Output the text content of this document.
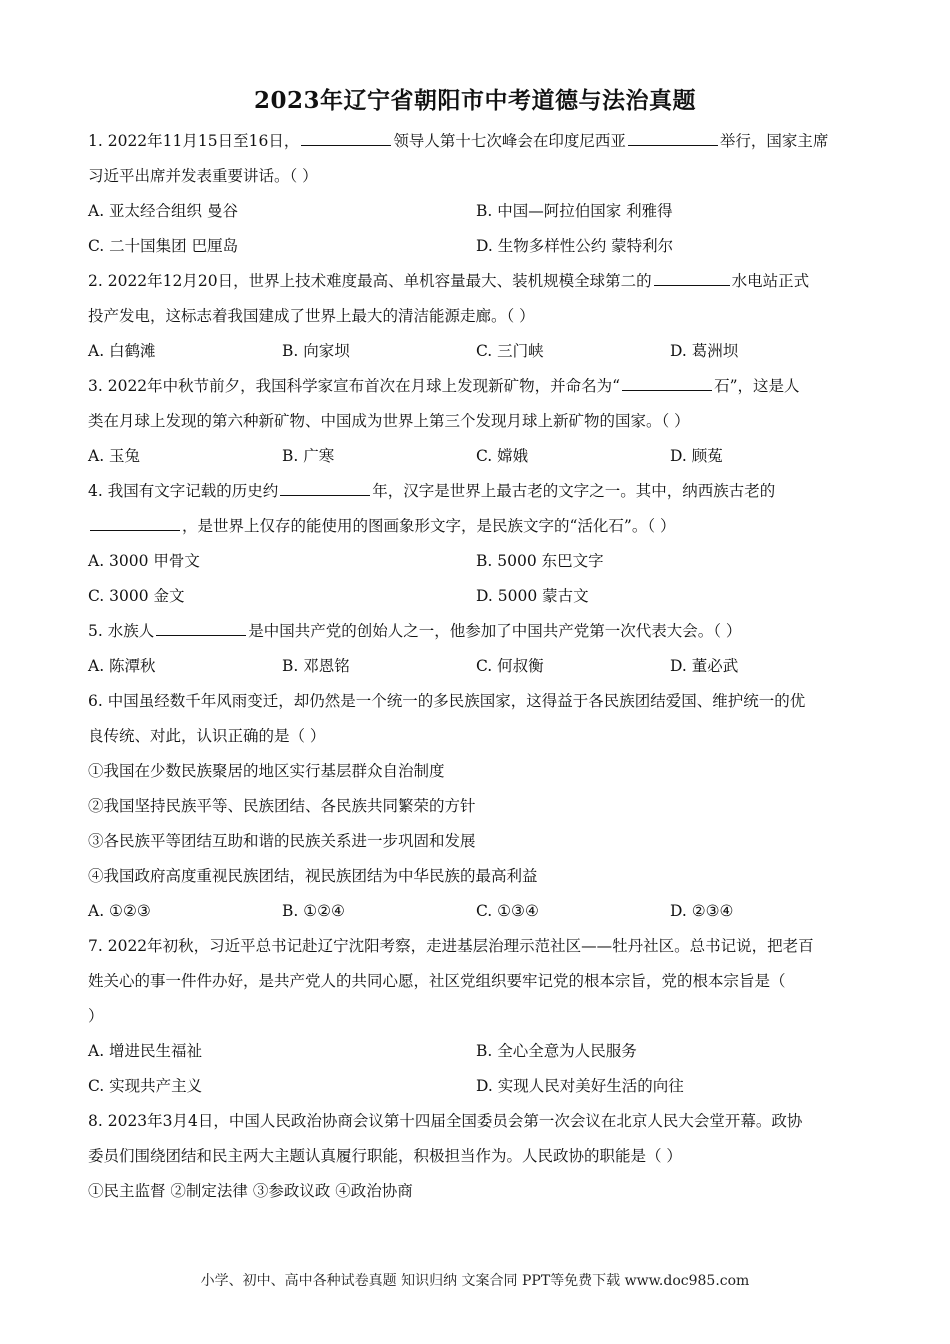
2023年辽宁省朝阳市中考道德与法治真题
1. 2022年11月15日至16日，	领导人第十七次峰会在印度尼西亚	举行，国家主席
习近平出席并发表重要讲话。（ ）
A. 亚太经合组织 曼谷	B. 中国—阿拉伯国家 利雅得
C. 二十国集团 巴厘岛	D. 生物多样性公约 蒙特利尔
2. 2022年12月20日，世界上技术难度最高、单机容量最大、装机规模全球第二的	水电站正式
投产发电，这标志着我国建成了世界上最大的清洁能源走廊。（ ）
A. 白鹤滩	B. 向家坝	C. 三门峡	D. 葛洲坝
3. 2022年中秋节前夕，我国科学家宣布首次在月球上发现新矿物，并命名为“	石”，这是人
类在月球上发现的第六种新矿物、中国成为世界上第三个发现月球上新矿物的国家。（ ）
A. 玉兔	B. 广寒	C. 嫦娥	D. 顾菟
4. 我国有文字记载的历史约	年，汉字是世界上最古老的文字之一。其中，纳西族古老的
，是世界上仅存的能使用的图画象形文字，是民族文字的“活化石”。（ ）
A. 3000 甲骨文	B. 5000 东巴文字
C. 3000 金文	D. 5000 蒙古文
5. 水族人	是中国共产党的创始人之一，他参加了中国共产党第一次代表大会。（ ）
A. 陈潭秋	B. 邓恩铭	C. 何叔衡	D. 董必武
6. 中国虽经数千年风雨变迁，却仍然是一个统一的多民族国家，这得益于各民族团结爱国、维护统一的优
良传统、对此，认识正确的是（ ）
①我国在少数民族聚居的地区实行基层群众自治制度
②我国坚持民族平等、民族团结、各民族共同繁荣的方针
③各民族平等团结互助和谐的民族关系进一步巩固和发展
④我国政府高度重视民族团结，视民族团结为中华民族的最高利益
A. ①②③	B. ①②④	C. ①③④	D. ②③④
7. 2022年初秋，习近平总书记赴辽宁沈阳考察，走进基层治理示范社区——牡丹社区。总书记说，把老百
姓关心的事一件件办好，是共产党人的共同心愿，社区党组织要牢记党的根本宗旨，党的根本宗旨是（
）
A. 增进民生福祉	B. 全心全意为人民服务
C. 实现共产主义	D. 实现人民对美好生活的向往
8. 2023年3月4日，中国人民政治协商会议第十四届全国委员会第一次会议在北京人民大会堂开幕。政协
委员们围绕团结和民主两大主题认真履行职能，积极担当作为。人民政协的职能是（ ）
①民主监督 ②制定法律 ③参政议政 ④政治协商
小学、初中、高中各种试卷真题 知识归纳 文案合同 PPT等免费下载 www.doc985.com
